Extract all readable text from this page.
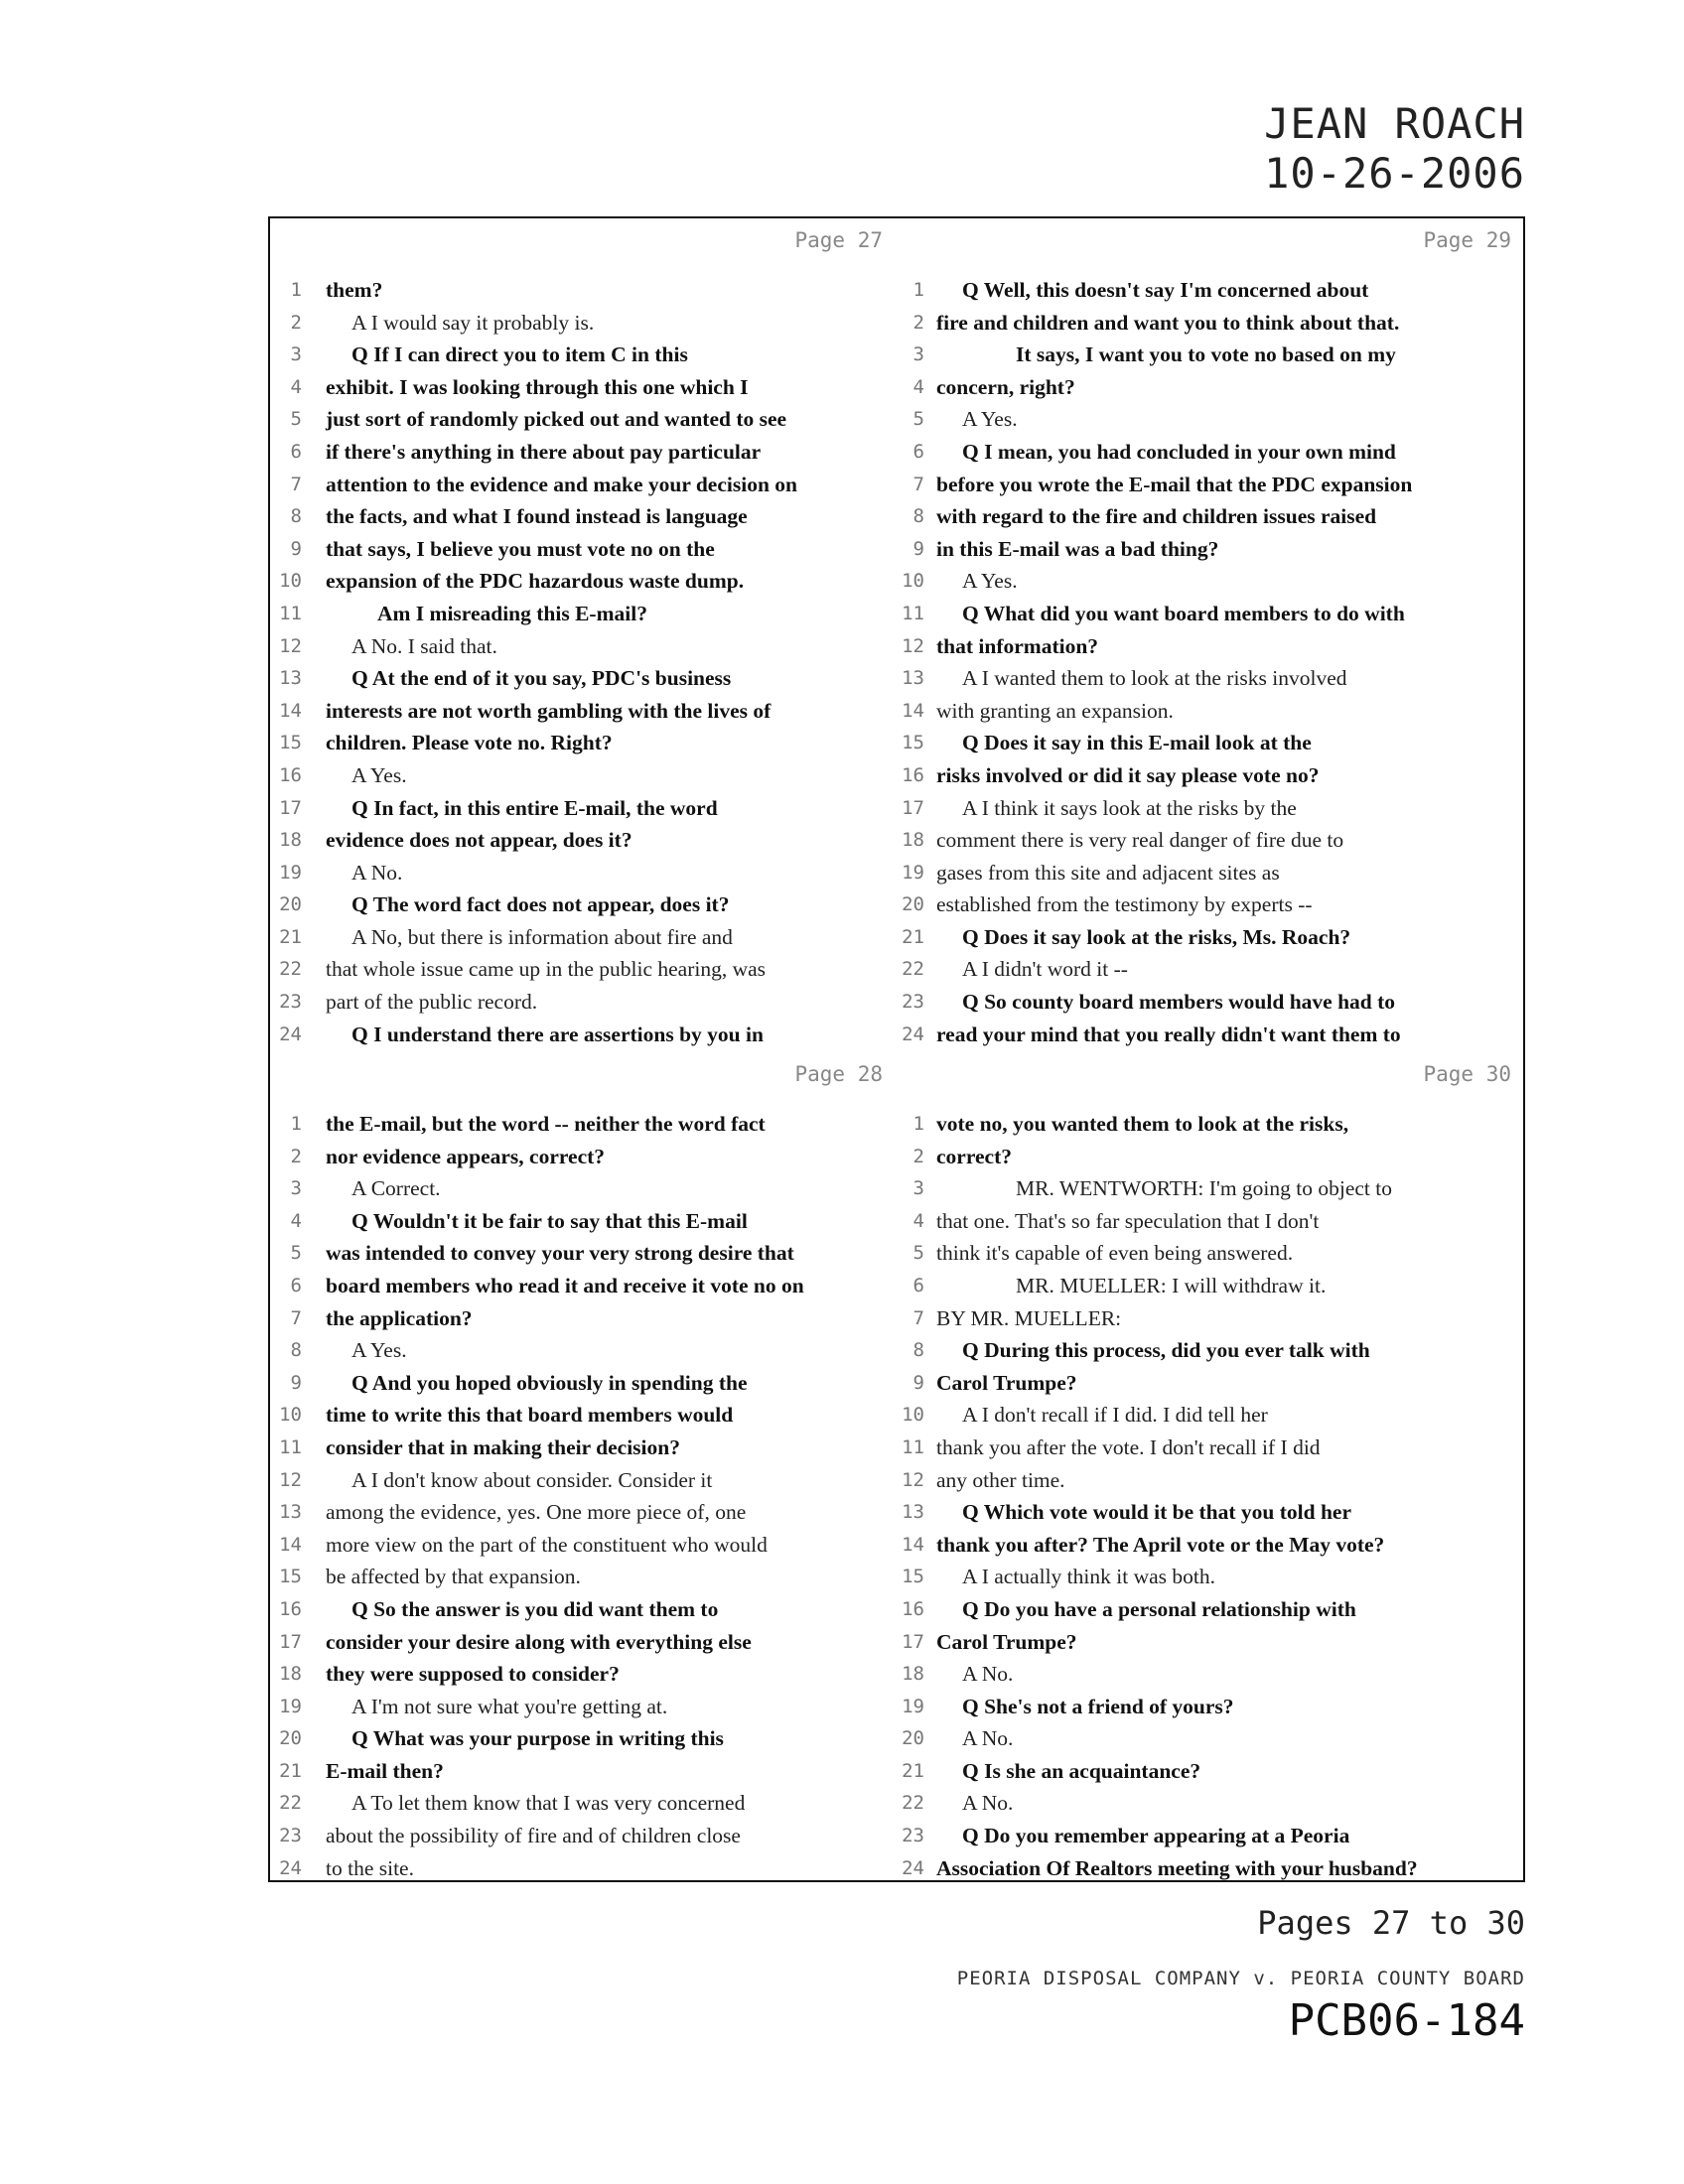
JEAN ROACH
10-26-2006
Page 27
1 them?
2	A I would say it probably is.
3	Q If I can direct you to item C in this
4 exhibit. I was looking through this one which I
5 just sort of randomly picked out and wanted to see
6 if there's anything in there about pay particular
7 attention to the evidence and make your decision on
8 the facts, and what I found instead is language
9 that says, I believe you must vote no on the
10 expansion of the PDC hazardous waste dump.
11	Am I misreading this E-mail?
12	A No. I said that.
13	Q At the end of it you say, PDC's business
14 interests are not worth gambling with the lives of
15 children. Please vote no. Right?
16	A Yes.
17	Q In fact, in this entire E-mail, the word
18 evidence does not appear, does it?
19	A No.
20	Q The word fact does not appear, does it?
21	A No, but there is information about fire and
22 that whole issue came up in the public hearing, was
23 part of the public record.
24	Q I understand there are assertions by you in
Page 29
1	Q Well, this doesn't say I'm concerned about
2 fire and children and want you to think about that.
3	It says, I want you to vote no based on my
4 concern, right?
5	A Yes.
6	Q I mean, you had concluded in your own mind
7 before you wrote the E-mail that the PDC expansion
8 with regard to the fire and children issues raised
9 in this E-mail was a bad thing?
10	A Yes.
11	Q What did you want board members to do with
12 that information?
13	A I wanted them to look at the risks involved
14 with granting an expansion.
15	Q Does it say in this E-mail look at the
16 risks involved or did it say please vote no?
17	A I think it says look at the risks by the
18 comment there is very real danger of fire due to
19 gases from this site and adjacent sites as
20 established from the testimony by experts --
21	Q Does it say look at the risks, Ms. Roach?
22	A I didn't word it --
23	Q So county board members would have had to
24 read your mind that you really didn't want them to
Page 28
1 the E-mail, but the word -- neither the word fact
2 nor evidence appears, correct?
3	A Correct.
4	Q Wouldn't it be fair to say that this E-mail
5 was intended to convey your very strong desire that
6 board members who read it and receive it vote no on
7 the application?
8	A Yes.
9	Q And you hoped obviously in spending the
10 time to write this that board members would
11 consider that in making their decision?
12	A I don't know about consider. Consider it
13 among the evidence, yes. One more piece of, one
14 more view on the part of the constituent who would
15 be affected by that expansion.
16	Q So the answer is you did want them to
17 consider your desire along with everything else
18 they were supposed to consider?
19	A I'm not sure what you're getting at.
20	Q What was your purpose in writing this
21 E-mail then?
22	A To let them know that I was very concerned
23 about the possibility of fire and of children close
24 to the site.
Page 30
1 vote no, you wanted them to look at the risks,
2 correct?
3	MR. WENTWORTH: I'm going to object to
4 that one. That's so far speculation that I don't
5 think it's capable of even being answered.
6	MR. MUELLER: I will withdraw it.
7 BY MR. MUELLER:
8	Q During this process, did you ever talk with
9 Carol Trumpe?
10	A I don't recall if I did. I did tell her
11 thank you after the vote. I don't recall if I did
12 any other time.
13	Q Which vote would it be that you told her
14 thank you after? The April vote or the May vote?
15	A I actually think it was both.
16	Q Do you have a personal relationship with
17 Carol Trumpe?
18	A No.
19	Q She's not a friend of yours?
20	A No.
21	Q Is she an acquaintance?
22	A No.
23	Q Do you remember appearing at a Peoria
24 Association Of Realtors meeting with your husband?
Pages 27 to 30
PEORIA DISPOSAL COMPANY v. PEORIA COUNTY BOARD
PCB06-184
